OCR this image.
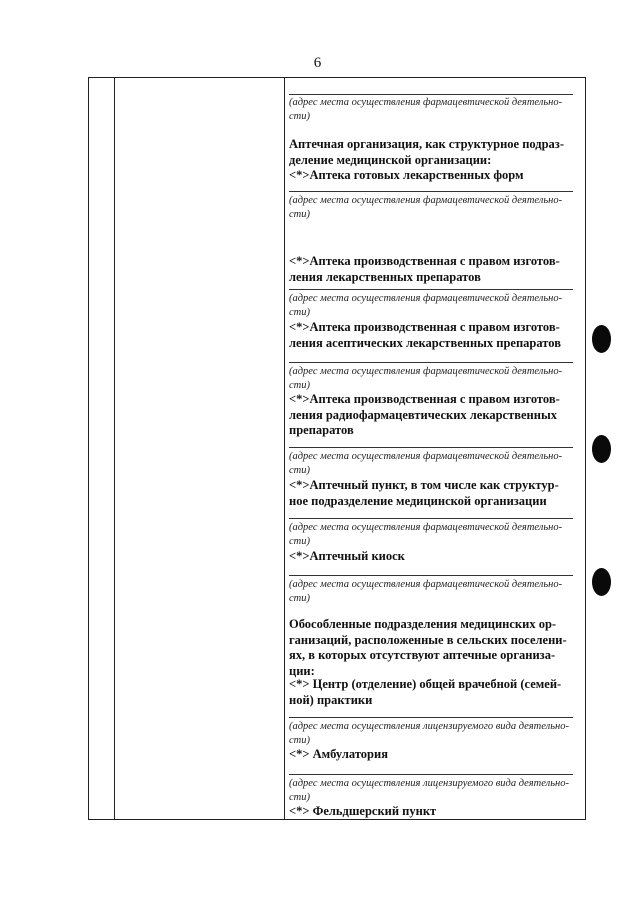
6
(адрес места осуществления фармацевтической деятельно-сти)
Аптечная организация, как структурное подраз-деление медицинской организации:
<*>Аптека готовых лекарственных форм
(адрес места осуществления фармацевтической деятельно-сти)
<*>Аптека производственная с правом изготов-ления лекарственных препаратов
(адрес места осуществления фармацевтической деятельно-сти)
<*>Аптека производственная с правом изготов-ления асептических лекарственных препаратов
(адрес места осуществления фармацевтической деятельно-сти)
<*>Аптека производственная с правом изготов-ления радиофармацевтических лекарственных препаратов
(адрес места осуществления фармацевтической деятельно-сти)
<*>Аптечный пункт, в том числе как структур-ное подразделение медицинской организации
(адрес места осуществления фармацевтической деятельно-сти)
<*>Аптечный киоск
(адрес места осуществления фармацевтической деятельно-сти)
Обособленные подразделения медицинских ор-ганизаций, расположенные в сельских поселени-ях, в которых отсутствуют аптечные организа-ции:
<*> Центр (отделение) общей врачебной (семей-ной) практики
(адрес места осуществления лицензируемого вида деятельно-сти)
<*> Амбулатория
(адрес места осуществления лицензируемого вида деятельно-сти)
<*> Фельдшерский пункт
